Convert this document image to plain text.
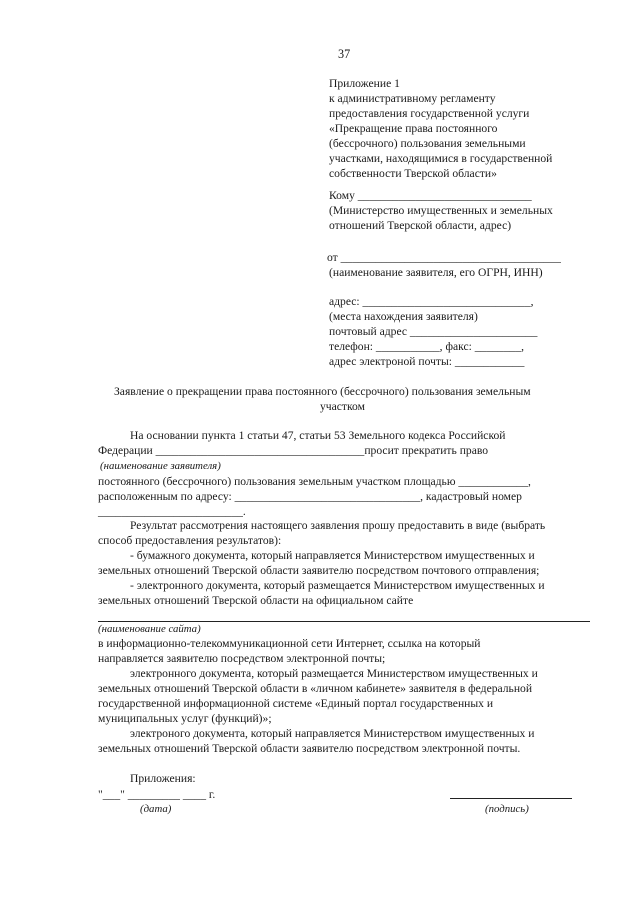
37
Приложение 1
к административному регламенту
предоставления государственной услуги
«Прекращение права постоянного
(бессрочного) пользования земельными
участками, находящимися в государственной
собственности Тверской области»
Кому ______________________________
(Министерство имущественных и земельных
отношений Тверской области, адрес)
от ______________________________________
(наименование заявителя, его ОГРН, ИНН)
адрес: _____________________________,
(места нахождения заявителя)
почтовый адрес ______________________
телефон: ___________, факс: ________,
адрес электроной почты: ____________
Заявление о прекращении права постоянного (бессрочного) пользования земельным
участком
На основании пункта 1 статьи 47, статьи 53 Земельного кодекса Российской
Федерации ____________________________________просит прекратить право
(наименование заявителя)
постоянного (бессрочного) пользования земельным участком площадью ____________,
расположенным по адресу: ________________________________, кадастровый номер
_________________________.
Результат рассмотрения настоящего заявления прошу предоставить в виде (выбрать
способ предоставления результатов):
- бумажного документа, который направляется Министерством имущественных и
земельных отношений Тверской области заявителю посредством почтового отправления;
- электронного документа, который размещается Министерством имущественных и
земельных отношений Тверской области на официальном сайте
(наименование сайта)
в информационно-телекоммуникационной сети Интернет, ссылка на который
направляется заявителю посредством электронной почты;
электронного документа, который размещается Министерством имущественных и
земельных отношений Тверской области в «личном кабинете» заявителя в федеральной
государственной информационной системе «Единый портал государственных и
муниципальных услуг (функций)»;
электроного документа, который направляется Министерством имущественных и
земельных отношений Тверской области заявителю посредством электронной почты.
Приложения:
"___" _________ ____ г.
(дата)	(подпись)
